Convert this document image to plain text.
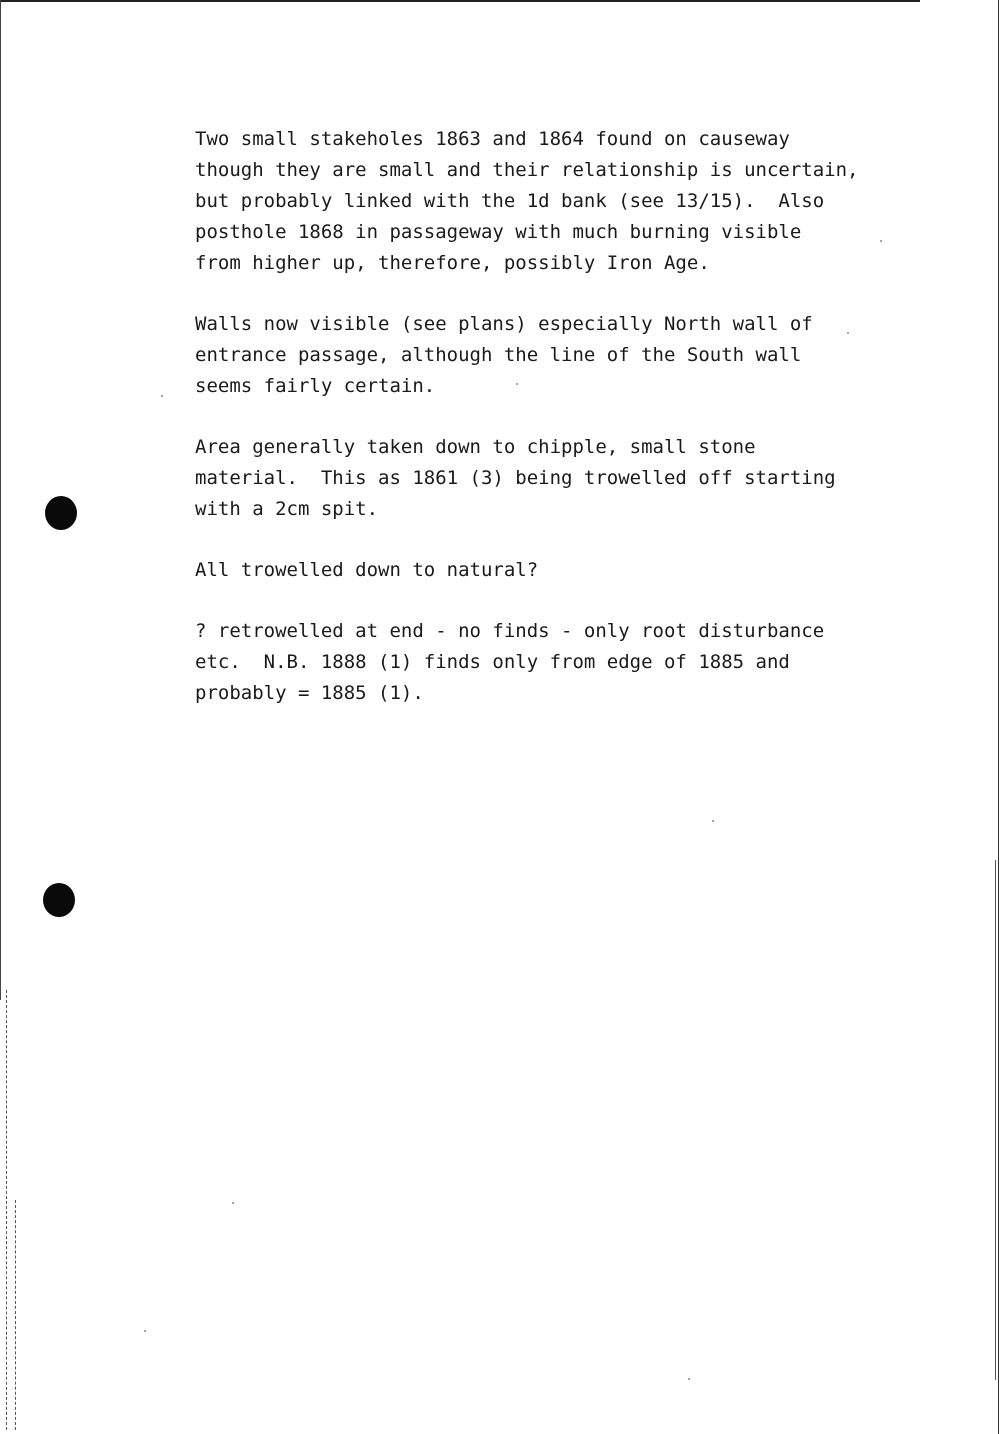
Two small stakeholes 1863 and 1864 found on causeway
though they are small and their relationship is uncertain,
but probably linked with the 1d bank (see 13/15).  Also
posthole 1868 in passageway with much burning visible
from higher up, therefore, possibly Iron Age.
Walls now visible (see plans) especially North wall of
entrance passage, although the line of the South wall
seems fairly certain.
Area generally taken down to chipple, small stone
material.  This as 1861 (3) being trowelled off starting
with a 2cm spit.
All trowelled down to natural?
? retrowelled at end - no finds - only root disturbance
etc.  N.B. 1888 (1) finds only from edge of 1885 and
probably = 1885 (1).
